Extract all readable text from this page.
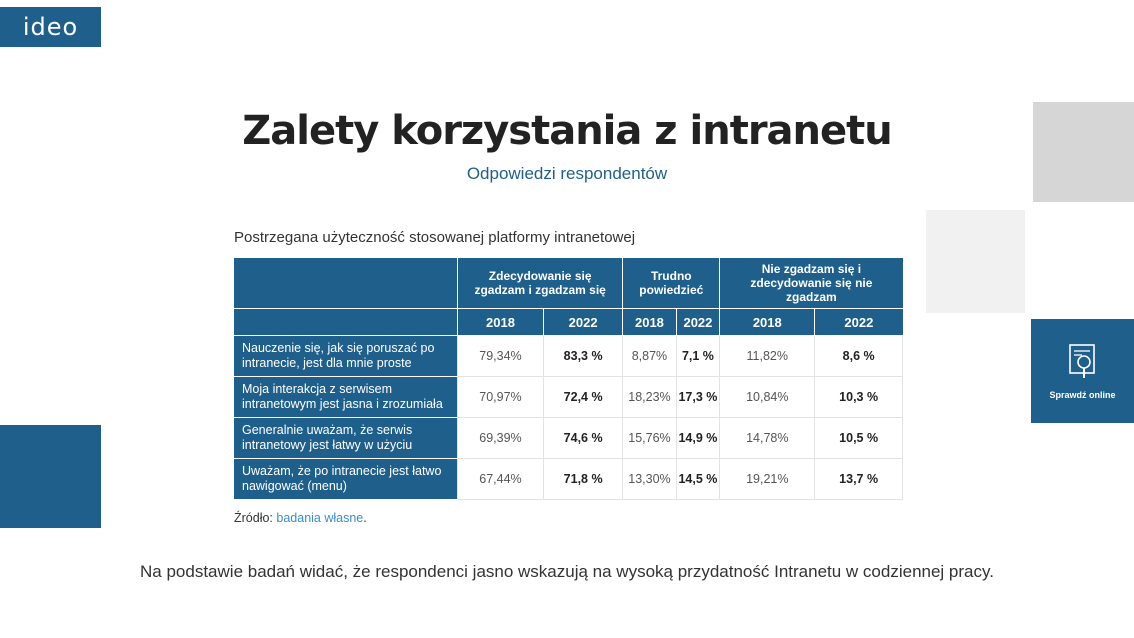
ideo
Sprawdź online
Zalety korzystania z intranetu
Odpowiedzi respondentów
Postrzegana użyteczność stosowanej platformy intranetowej
	Zdecydowanie się zgadzam i zgadzam się		Trudno powiedzieć		Nie zgadzam się i zdecydowanie się nie zgadzam	
	2018	2022	2018	2022	2018	2022
Nauczenie się, jak się poruszać po intranecie, jest dla mnie proste	79,34%	83,3 %	8,87%	7,1 %	11,82%	8,6 %
Moja interakcja z serwisem intranetowym jest jasna i zrozumiała	70,97%	72,4 %	18,23%	17,3 %	10,84%	10,3 %
Generalnie uważam, że serwis intranetowy jest łatwy w użyciu	69,39%	74,6 %	15,76%	14,9 %	14,78%	10,5 %
Uważam, że po intranecie jest łatwo nawigować (menu)	67,44%	71,8 %	13,30%	14,5 %	19,21%	13,7 %
Źródło: badania własne.
Na podstawie badań widać, że respondenci jasno wskazują na wysoką przydatność Intranetu w codziennej pracy.
